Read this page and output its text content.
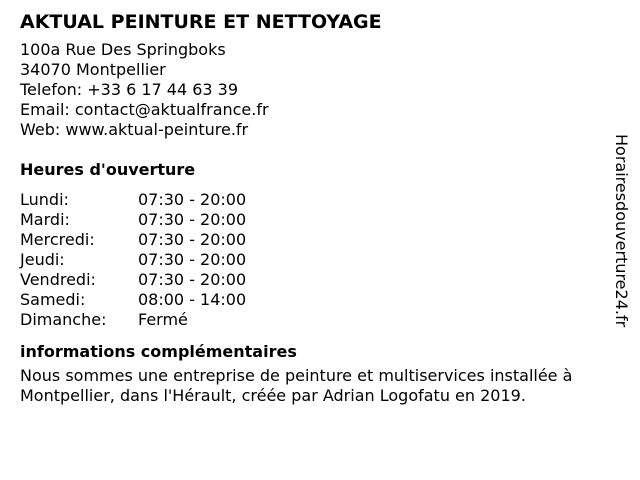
AKTUAL PEINTURE ET NETTOYAGE
100a Rue Des Springboks
34070 Montpellier
Telefon: +33 6 17 44 63 39
Email: contact@aktualfrance.fr
Web: www.aktual-peinture.fr
Heures d'ouverture
Lundi:	07:30 - 20:00
Mardi:	07:30 - 20:00
Mercredi:	07:30 - 20:00
Jeudi:	07:30 - 20:00
Vendredi:	07:30 - 20:00
Samedi:	08:00 - 14:00
Dimanche:	Fermé
informations complémentaires
Nous sommes une entreprise de peinture et multiservices installée à Montpellier, dans l'Hérault, créée par Adrian Logofatu en 2019.
Horairesdouverture24.fr
